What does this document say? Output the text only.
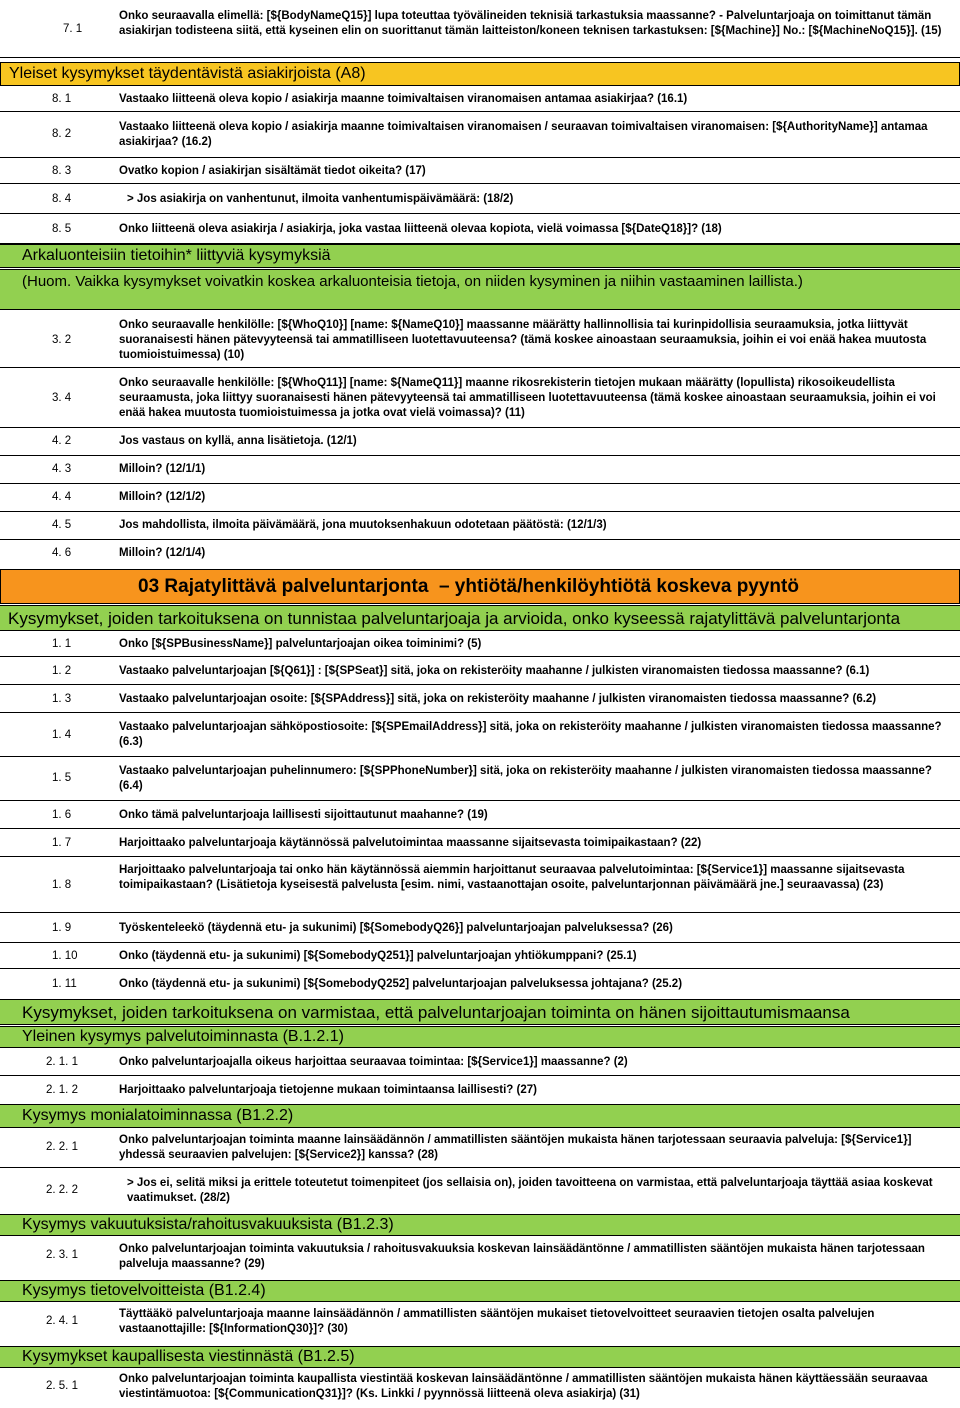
7. 1
Onko seuraavalla elimellä: [${BodyNameQ15}] lupa toteuttaa työvälineiden teknisiä tarkastuksia maassanne? - Palveluntarjoaja on toimittanut tämän asiakirjan todisteena siitä, että kyseinen elin on suorittanut tämän laitteiston/koneen teknisen tarkastuksen: [${Machine}] No.: [${MachineNoQ15}]. (15)
Yleiset kysymykset täydentävistä asiakirjoista (A8)
8. 1	Vastaako liitteenä oleva kopio / asiakirja maanne toimivaltaisen viranomaisen antamaa asiakirjaa? (16.1)
8. 2
Vastaako liitteenä oleva kopio / asiakirja maanne toimivaltaisen viranomaisen / seuraavan toimivaltaisen viranomaisen: [${AuthorityName}] antamaa asiakirjaa? (16.2)
8. 3	Ovatko kopion / asiakirjan sisältämät tiedot oikeita? (17)
8. 4	> Jos asiakirja on vanhentunut, ilmoita vanhentumispäivämäärä: (18/2)
8. 5	Onko liitteenä oleva asiakirja / asiakirja, joka vastaa liitteenä olevaa kopiota, vielä voimassa [${DateQ18}]? (18)
Arkaluonteisiin tietoihin* liittyviä kysymyksiä
(Huom. Vaikka kysymykset voivatkin koskea arkaluonteisia tietoja, on niiden kysyminen ja niihin vastaaminen laillista.)
3. 2
Onko seuraavalle henkilölle: [${WhoQ10}] [name: ${NameQ10}] maassanne määrätty hallinnollisia tai kurinpidollisia seuraamuksia, jotka liittyvät suoranaisesti hänen pätevyyteensä tai ammatilliseen luotettavuuteensa? (tämä koskee ainoastaan seuraamuksia, joihin ei voi enää hakea muutosta tuomioistuimessa) (10)
3. 4
Onko seuraavalle henkilölle: [${WhoQ11}] [name: ${NameQ11}] maanne rikosrekisterin tietojen mukaan määrätty (lopullista) rikosoikeudellista seuraamusta, joka liittyy suoranaisesti hänen pätevyyteensä tai ammatilliseen luotettavuuteensa (tämä koskee ainoastaan seuraamuksia, joihin ei voi enää hakea muutosta tuomioistuimessa ja jotka ovat vielä voimassa)? (11)
4. 2	Jos vastaus on kyllä, anna lisätietoja. (12/1)
4. 3	Milloin? (12/1/1)
4. 4	Milloin? (12/1/2)
4. 5	Jos mahdollista, ilmoita päivämäärä, jona muutoksenhakuun odotetaan päätöstä: (12/1/3)
4. 6	Milloin? (12/1/4)
03 Rajatylittävä palveluntarjonta  – yhtiötä/henkilöyhtiötä koskeva pyyntö
Kysymykset, joiden tarkoituksena on tunnistaa palveluntarjoaja ja arvioida, onko kyseessä rajatylittävä palveluntarjonta
1. 1	Onko [${SPBusinessName}] palveluntarjoajan oikea toiminimi? (5)
1. 2	Vastaako palveluntarjoajan [${Q61}] : [${SPSeat}] sitä, joka on rekisteröity maahanne / julkisten viranomaisten tiedossa maassanne? (6.1)
1. 3	Vastaako palveluntarjoajan osoite: [${SPAddress}] sitä, joka on rekisteröity maahanne / julkisten viranomaisten tiedossa maassanne? (6.2)
1. 4
Vastaako palveluntarjoajan sähköpostiosoite: [${SPEmailAddress}] sitä, joka on rekisteröity maahanne / julkisten viranomaisten tiedossa maassanne? (6.3)
1. 5
Vastaako palveluntarjoajan puhelinnumero: [${SPPhoneNumber}] sitä, joka on rekisteröity maahanne / julkisten viranomaisten tiedossa maassanne? (6.4)
1. 6	Onko tämä palveluntarjoaja laillisesti sijoittautunut maahanne? (19)
1. 7	Harjoittaako palveluntarjoaja käytännössä palvelutoimintaa maassanne sijaitsevasta toimipaikastaan? (22)
1. 8
Harjoittaako palveluntarjoaja tai onko hän käytännössä aiemmin harjoittanut seuraavaa palvelutoimintaa: [${Service1}] maassanne sijaitsevasta toimipaikastaan? (Lisätietoja kyseisestä palvelusta [esim. nimi, vastaanottajan osoite, palveluntarjonnan päivämäärä jne.] seuraavassa) (23)
1. 9	Työskenteleekö (täydennä etu- ja sukunimi) [${SomebodyQ26}] palveluntarjoajan palveluksessa? (26)
1. 10	Onko (täydennä etu- ja sukunimi) [${SomebodyQ251}] palveluntarjoajan yhtiökumppani? (25.1)
1. 11	Onko (täydennä etu- ja sukunimi) [${SomebodyQ252] palveluntarjoajan palveluksessa johtajana? (25.2)
Kysymykset, joiden tarkoituksena on varmistaa, että palveluntarjoajan toiminta on hänen sijoittautumismaansa
Yleinen kysymys palvelutoiminnasta (B.1.2.1)
2. 1. 1	Onko palveluntarjoajalla oikeus harjoittaa seuraavaa toimintaa: [${Service1}] maassanne? (2)
2. 1. 2	Harjoittaako palveluntarjoaja tietojenne mukaan toimintaansa laillisesti? (27)
Kysymys monialatoiminnassa (B1.2.2)
2. 2. 1
Onko palveluntarjoajan toiminta maanne lainsäädännön / ammatillisten sääntöjen mukaista hänen tarjotessaan seuraavia palveluja: [${Service1}] yhdessä seuraavien palvelujen: [${Service2}] kanssa? (28)
2. 2. 2
> Jos ei, selitä miksi ja erittele toteutetut toimenpiteet (jos sellaisia on), joiden tavoitteena on varmistaa, että palveluntarjoaja täyttää asiaa koskevat vaatimukset. (28/2)
Kysymys vakuutuksista/rahoitusvakuuksista (B1.2.3)
2. 3. 1	Onko palveluntarjoajan toiminta vakuutuksia / rahoitusvakuuksia koskevan lainsäädäntönne / ammatillisten sääntöjen mukaista hänen tarjotessaan palveluja maassanne? (29)
Kysymys tietovelvoitteista (B1.2.4)
2. 4. 1
Täyttääkö palveluntarjoaja maanne lainsäädännön / ammatillisten sääntöjen mukaiset tietovelvoitteet seuraavien tietojen osalta palvelujen vastaanottajille: [${InformationQ30}]? (30)
Kysymykset kaupallisesta viestinnästä (B1.2.5)
2. 5. 1
Onko palveluntarjoajan toiminta kaupallista viestintää koskevan lainsäädäntönne / ammatillisten sääntöjen mukaista hänen käyttäessään seuraavaa viestintämuotoa: [${CommunicationQ31}]? (Ks. Linkki / pyynnössä liitteenä oleva asiakirja) (31)
